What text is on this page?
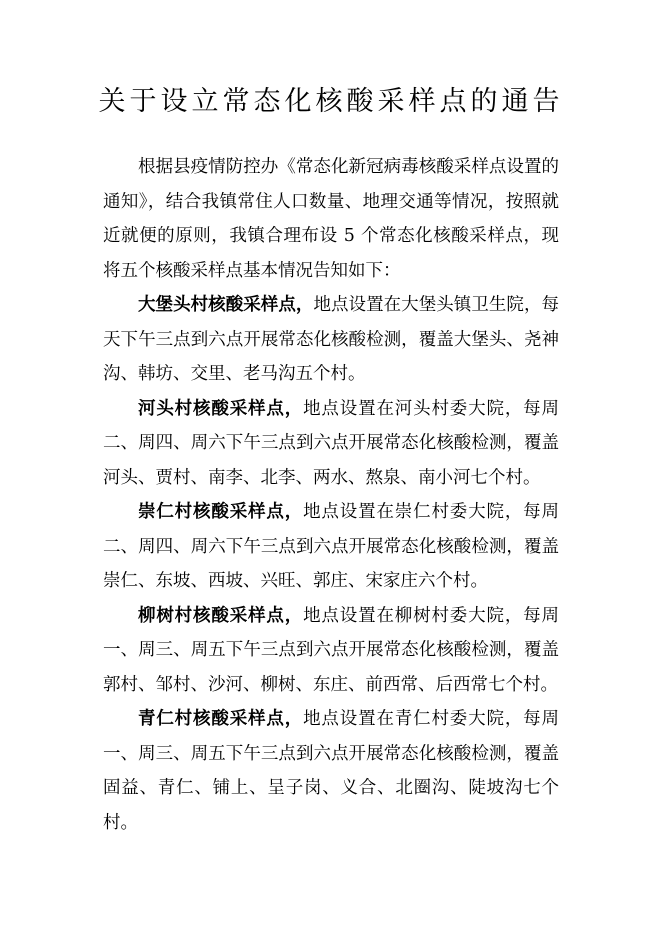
关于设立常态化核酸采样点的通告

根据县疫情防控办《常态化新冠病毒核酸采样点设置的通知》，结合我镇常住人口数量、地理交通等情况，按照就近就便的原则，我镇合理布设 5 个常态化核酸采样点，现将五个核酸采样点基本情况告知如下：

大堡头村核酸采样点，地点设置在大堡头镇卫生院，每天下午三点到六点开展常态化核酸检测，覆盖大堡头、尧神沟、韩坊、交里、老马沟五个村。

河头村核酸采样点，地点设置在河头村委大院，每周二、周四、周六下午三点到六点开展常态化核酸检测，覆盖河头、贾村、南李、北李、两水、熬泉、南小河七个村。

崇仁村核酸采样点，地点设置在崇仁村委大院，每周二、周四、周六下午三点到六点开展常态化核酸检测，覆盖崇仁、东坡、西坡、兴旺、郭庄、宋家庄六个村。

柳树村核酸采样点，地点设置在柳树村委大院，每周一、周三、周五下午三点到六点开展常态化核酸检测，覆盖郭村、邹村、沙河、柳树、东庄、前西常、后西常七个村。

青仁村核酸采样点，地点设置在青仁村委大院，每周一、周三、周五下午三点到六点开展常态化核酸检测，覆盖固益、青仁、铺上、呈子岗、义合、北圈沟、陡坡沟七个村。
